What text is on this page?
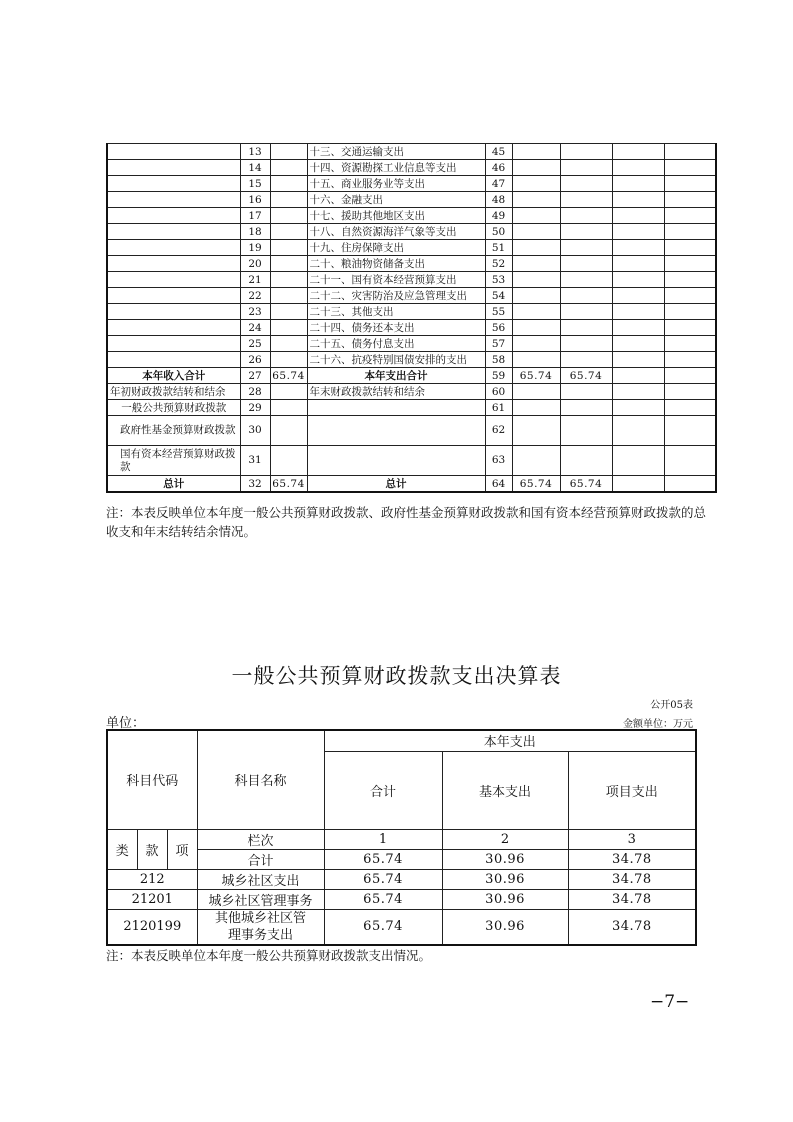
	13		十三、交通运输支出	45				
	14		十四、资源勘探工业信息等支出	46				
	15		十五、商业服务业等支出	47				
	16		十六、金融支出	48				
	17		十七、援助其他地区支出	49				
	18		十八、自然资源海洋气象等支出	50				
	19		十九、住房保障支出	51				
	20		二十、粮油物资储备支出	52				
	21		二十一、国有资本经营预算支出	53				
	22		二十二、灾害防治及应急管理支出	54				
	23		二十三、其他支出	55				
	24		二十四、债务还本支出	56				
	25		二十五、债务付息支出	57				
	26		二十六、抗疫特别国债安排的支出	58				
本年收入合计	27	65.74	本年支出合计	59	65.74	65.74		
年初财政拨款结转和结余	28		年末财政拨款结转和结余	60				
一般公共预算财政拨款	29			61				
政府性基金预算财政拨款	30			62				
国有资本经营预算财政拨款	31			63				
总计	32	65.74	总计	64	65.74	65.74		
注：本表反映单位本年度一般公共预算财政拨款、政府性基金预算财政拨款和国有资本经营预算财政拨款的总收支和年末结转结余情况。
一般公共预算财政拨款支出决算表
公开05表
单位：	金额单位：万元
科目代码			科目名称	本年支出		
				合计	基本支出	项目支出
类	款	项	栏次	1	2	3
			合计	65.74	30.96	34.78
212			城乡社区支出	65.74	30.96	34.78
21201			城乡社区管理事务	65.74	30.96	34.78
2120199			其他城乡社区管理事务支出	65.74	30.96	34.78
注：本表反映单位本年度一般公共预算财政拨款支出情况。
−7−
